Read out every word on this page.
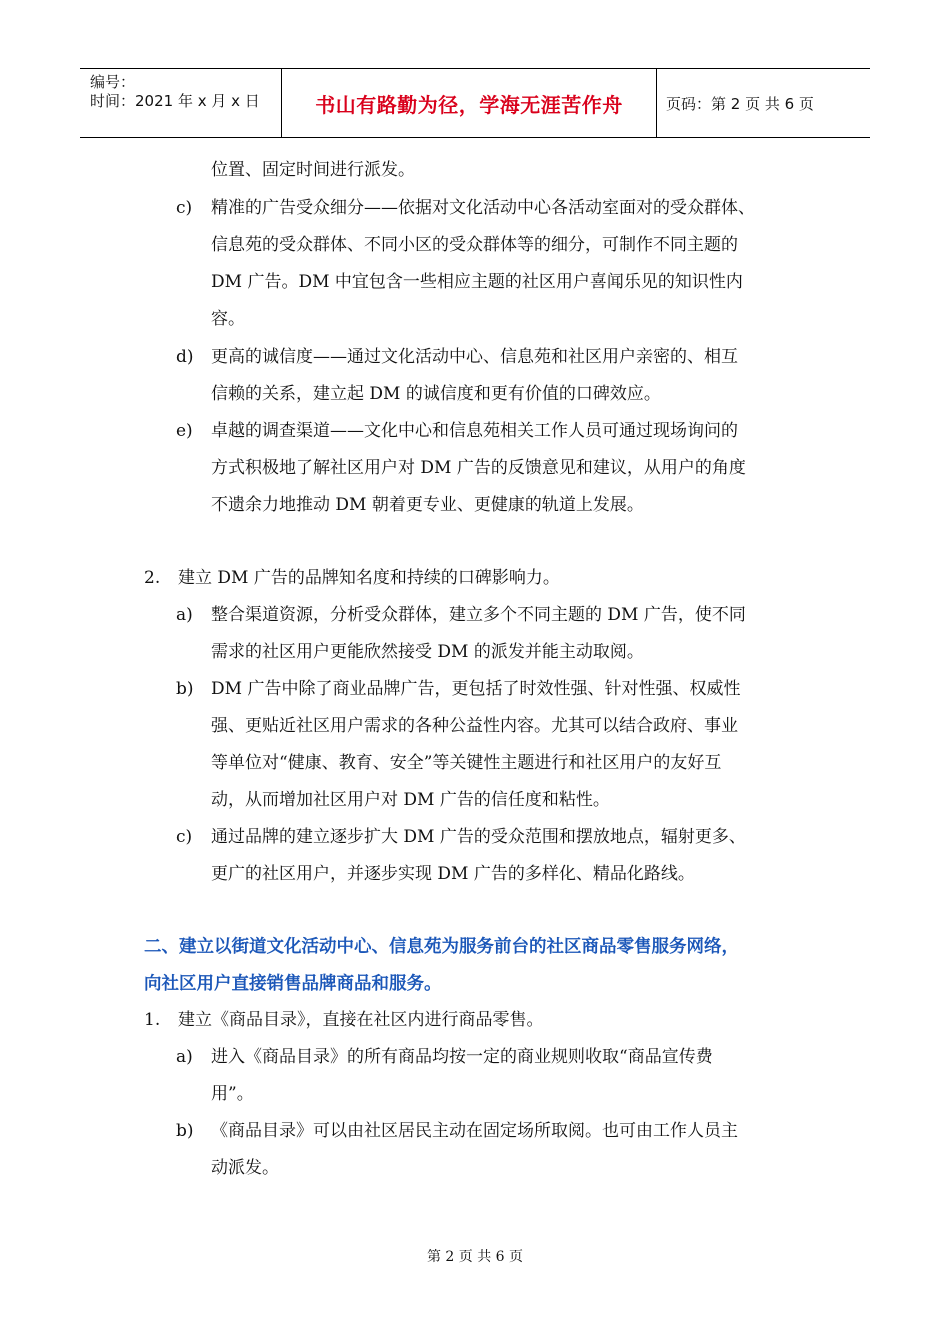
编号：
时间：2021 年 x 月 x 日	书山有路勤为径，学海无涯苦作舟	页码：第 2 页 共 6 页
位置、固定时间进行派发。
c) 精准的广告受众细分——依据对文化活动中心各活动室面对的受众群体、
信息苑的受众群体、不同小区的受众群体等的细分，可制作不同主题的
DM 广告。DM 中宜包含一些相应主题的社区用户喜闻乐见的知识性内
容。
d) 更高的诚信度——通过文化活动中心、信息苑和社区用户亲密的、相互
信赖的关系，建立起 DM 的诚信度和更有价值的口碑效应。
e) 卓越的调查渠道——文化中心和信息苑相关工作人员可通过现场询问的
方式积极地了解社区用户对 DM 广告的反馈意见和建议，从用户的角度
不遗余力地推动 DM 朝着更专业、更健康的轨道上发展。
2. 建立 DM 广告的品牌知名度和持续的口碑影响力。
a) 整合渠道资源，分析受众群体，建立多个不同主题的 DM 广告，使不同
需求的社区用户更能欣然接受 DM 的派发并能主动取阅。
b) DM 广告中除了商业品牌广告，更包括了时效性强、针对性强、权威性
强、更贴近社区用户需求的各种公益性内容。尤其可以结合政府、事业
等单位对“健康、教育、安全”等关键性主题进行和社区用户的友好互
动，从而增加社区用户对 DM 广告的信任度和粘性。
c) 通过品牌的建立逐步扩大 DM 广告的受众范围和摆放地点，辐射更多、
更广的社区用户，并逐步实现 DM 广告的多样化、精品化路线。
二、建立以街道文化活动中心、信息苑为服务前台的社区商品零售服务网络，
向社区用户直接销售品牌商品和服务。
1. 建立《商品目录》，直接在社区内进行商品零售。
a) 进入《商品目录》的所有商品均按一定的商业规则收取“商品宣传费
用”。
b) 《商品目录》可以由社区居民主动在固定场所取阅。也可由工作人员主
动派发。
第 2 页 共 6 页
